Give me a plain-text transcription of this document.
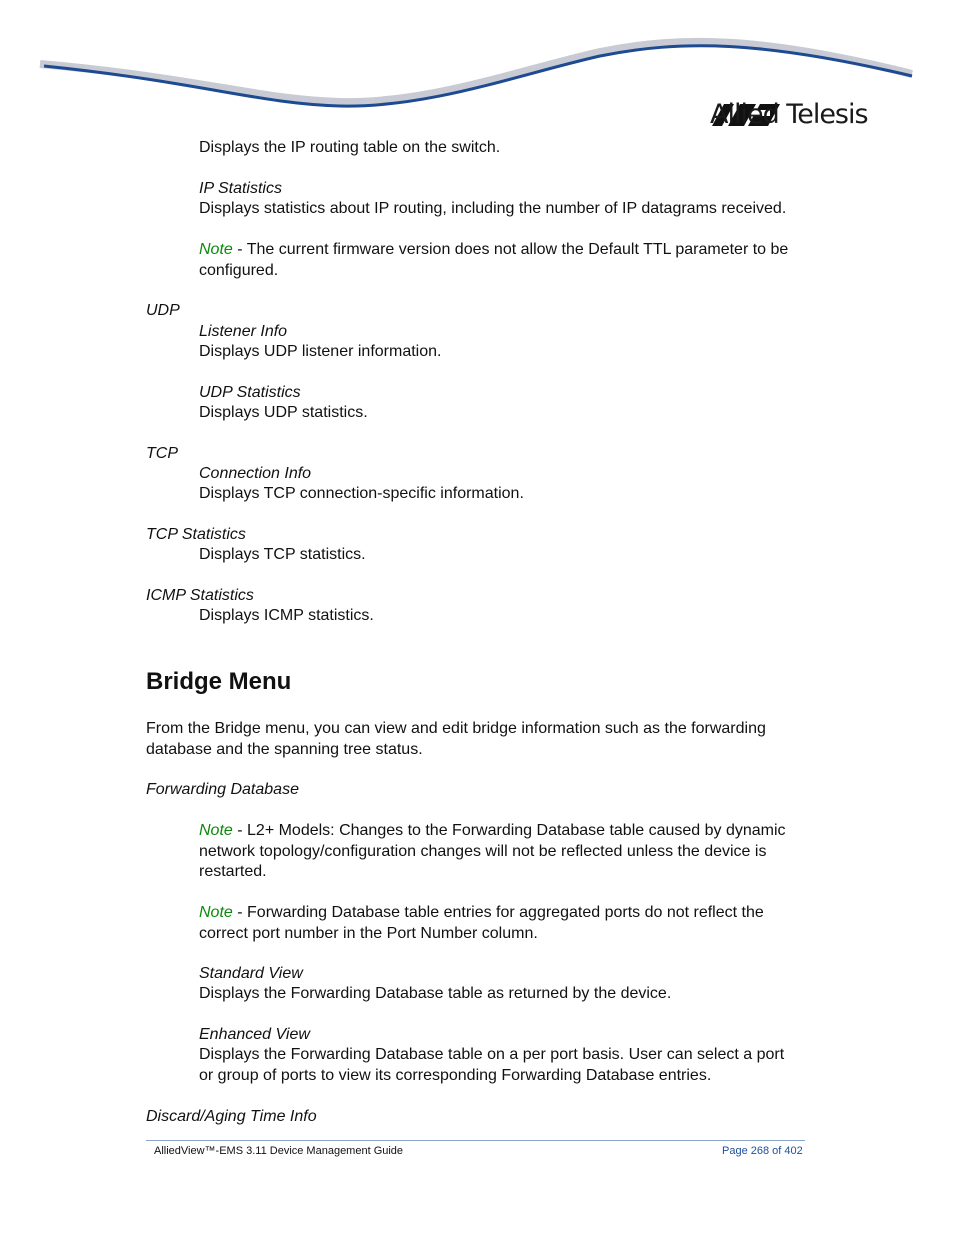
Allied Telesis
Displays the IP routing table on the switch.
IP Statistics
Displays statistics about IP routing, including the number of IP datagrams received.
Note - The current firmware version does not allow the Default TTL parameter to be configured.
UDP
Listener Info
Displays UDP listener information.
UDP Statistics
Displays UDP statistics.
TCP
Connection Info
Displays TCP connection-specific information.
TCP Statistics
Displays TCP statistics.
ICMP Statistics
Displays ICMP statistics.
Bridge Menu
From the Bridge menu, you can view and edit bridge information such as the forwarding database and the spanning tree status.
Forwarding Database
Note - L2+ Models: Changes to the Forwarding Database table caused by dynamic network topology/configuration changes will not be reflected unless the device is restarted.
Note - Forwarding Database table entries for aggregated ports do not reflect the correct port number in the Port Number column.
Standard View
Displays the Forwarding Database table as returned by the device.
Enhanced View
Displays the Forwarding Database table on a per port basis. User can select a port or group of ports to view its corresponding Forwarding Database entries.
Discard/Aging Time Info
AlliedView™-EMS 3.11 Device Management Guide	Page 268 of 402
